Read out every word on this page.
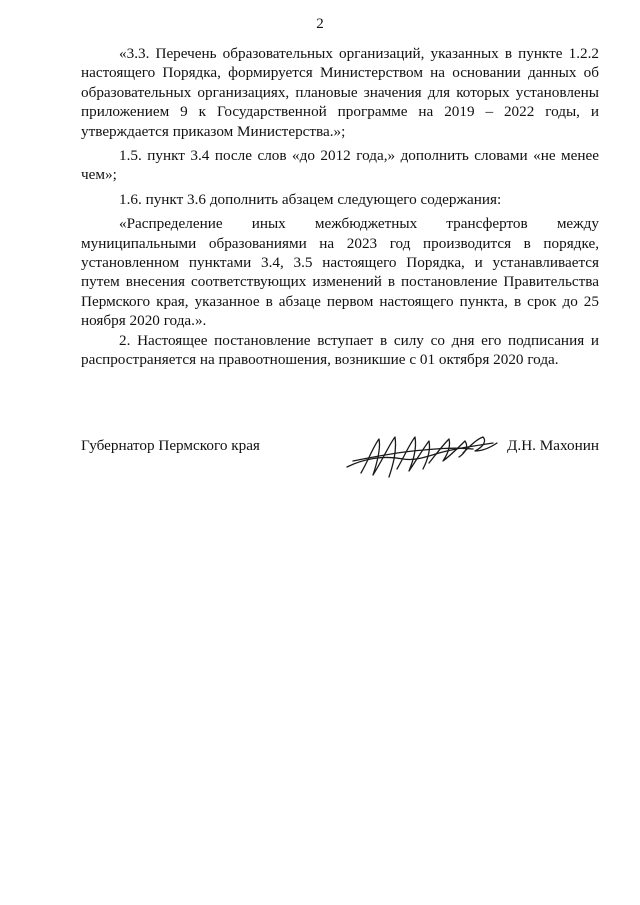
2

«3.3. Перечень образовательных организаций, указанных в пункте 1.2.2 настоящего Порядка, формируется Министерством на основании данных об образовательных организациях, плановые значения для которых установлены приложением 9 к Государственной программе на 2019 – 2022 годы, и утверждается приказом Министерства.»;

1.5. пункт 3.4 после слов «до 2012 года,» дополнить словами «не менее чем»;

1.6. пункт 3.6 дополнить абзацем следующего содержания:

«Распределение иных межбюджетных трансфертов между муниципальными образованиями на 2023 год производится в порядке, установленном пунктами 3.4, 3.5 настоящего Порядка, и устанавливается путем внесения соответствующих изменений в постановление Правительства Пермского края, указанное в абзаце первом настоящего пункта, в срок до 25 ноября 2020 года.».

2. Настоящее постановление вступает в силу со дня его подписания и распространяется на правоотношения, возникшие с 01 октября 2020 года.

Губернатор Пермского края	Д.Н. Махонин
